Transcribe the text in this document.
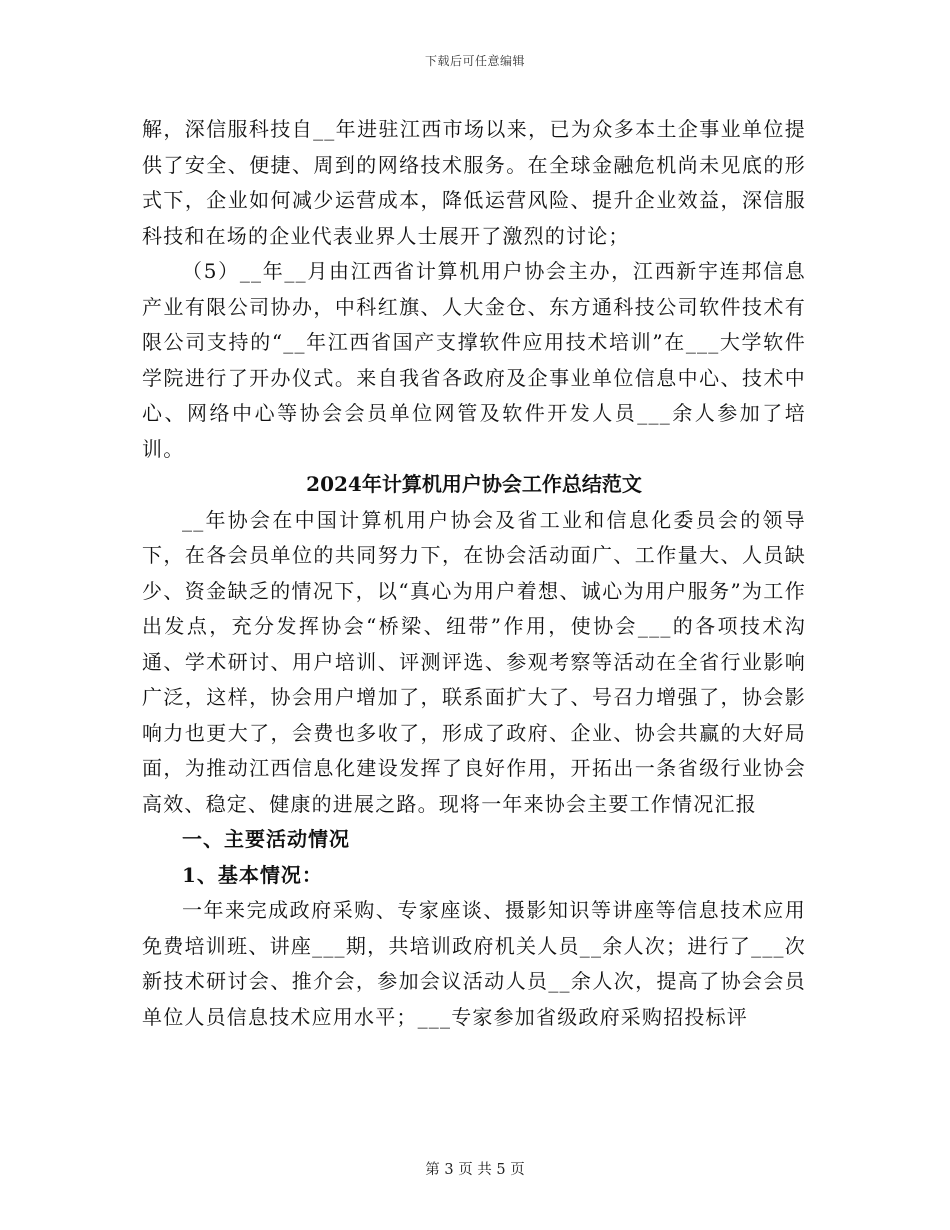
下载后可任意编辑

解，深信服科技自__年进驻江西市场以来，已为众多本土企事业单位提供了安全、便捷、周到的网络技术服务。在全球金融危机尚未见底的形式下，企业如何减少运营成本，降低运营风险、提升企业效益，深信服科技和在场的企业代表业界人士展开了激烈的讨论；

（5）__年__月由江西省计算机用户协会主办，江西新宇连邦信息产业有限公司协办，中科红旗、人大金仓、东方通科技公司软件技术有限公司支持的“__年江西省国产支撑软件应用技术培训”在___大学软件学院进行了开办仪式。来自我省各政府及企事业单位信息中心、技术中心、网络中心等协会会员单位网管及软件开发人员___余人参加了培训。

2024年计算机用户协会工作总结范文

__年协会在中国计算机用户协会及省工业和信息化委员会的领导下，在各会员单位的共同努力下，在协会活动面广、工作量大、人员缺少、资金缺乏的情况下，以“真心为用户着想、诚心为用户服务”为工作出发点，充分发挥协会“桥梁、纽带”作用，使协会___的各项技术沟通、学术研讨、用户培训、评测评选、参观考察等活动在全省行业影响广泛，这样，协会用户增加了，联系面扩大了、号召力增强了，协会影响力也更大了，会费也多收了，形成了政府、企业、协会共赢的大好局面，为推动江西信息化建设发挥了良好作用，开拓出一条省级行业协会高效、稳定、健康的进展之路。现将一年来协会主要工作情况汇报

一、主要活动情况

1、基本情况：

一年来完成政府采购、专家座谈、摄影知识等讲座等信息技术应用免费培训班、讲座___期，共培训政府机关人员__余人次；进行了___次新技术研讨会、推介会，参加会议活动人员__余人次，提高了协会会员单位人员信息技术应用水平；___专家参加省级政府采购招投标评

第 3 页 共 5 页
